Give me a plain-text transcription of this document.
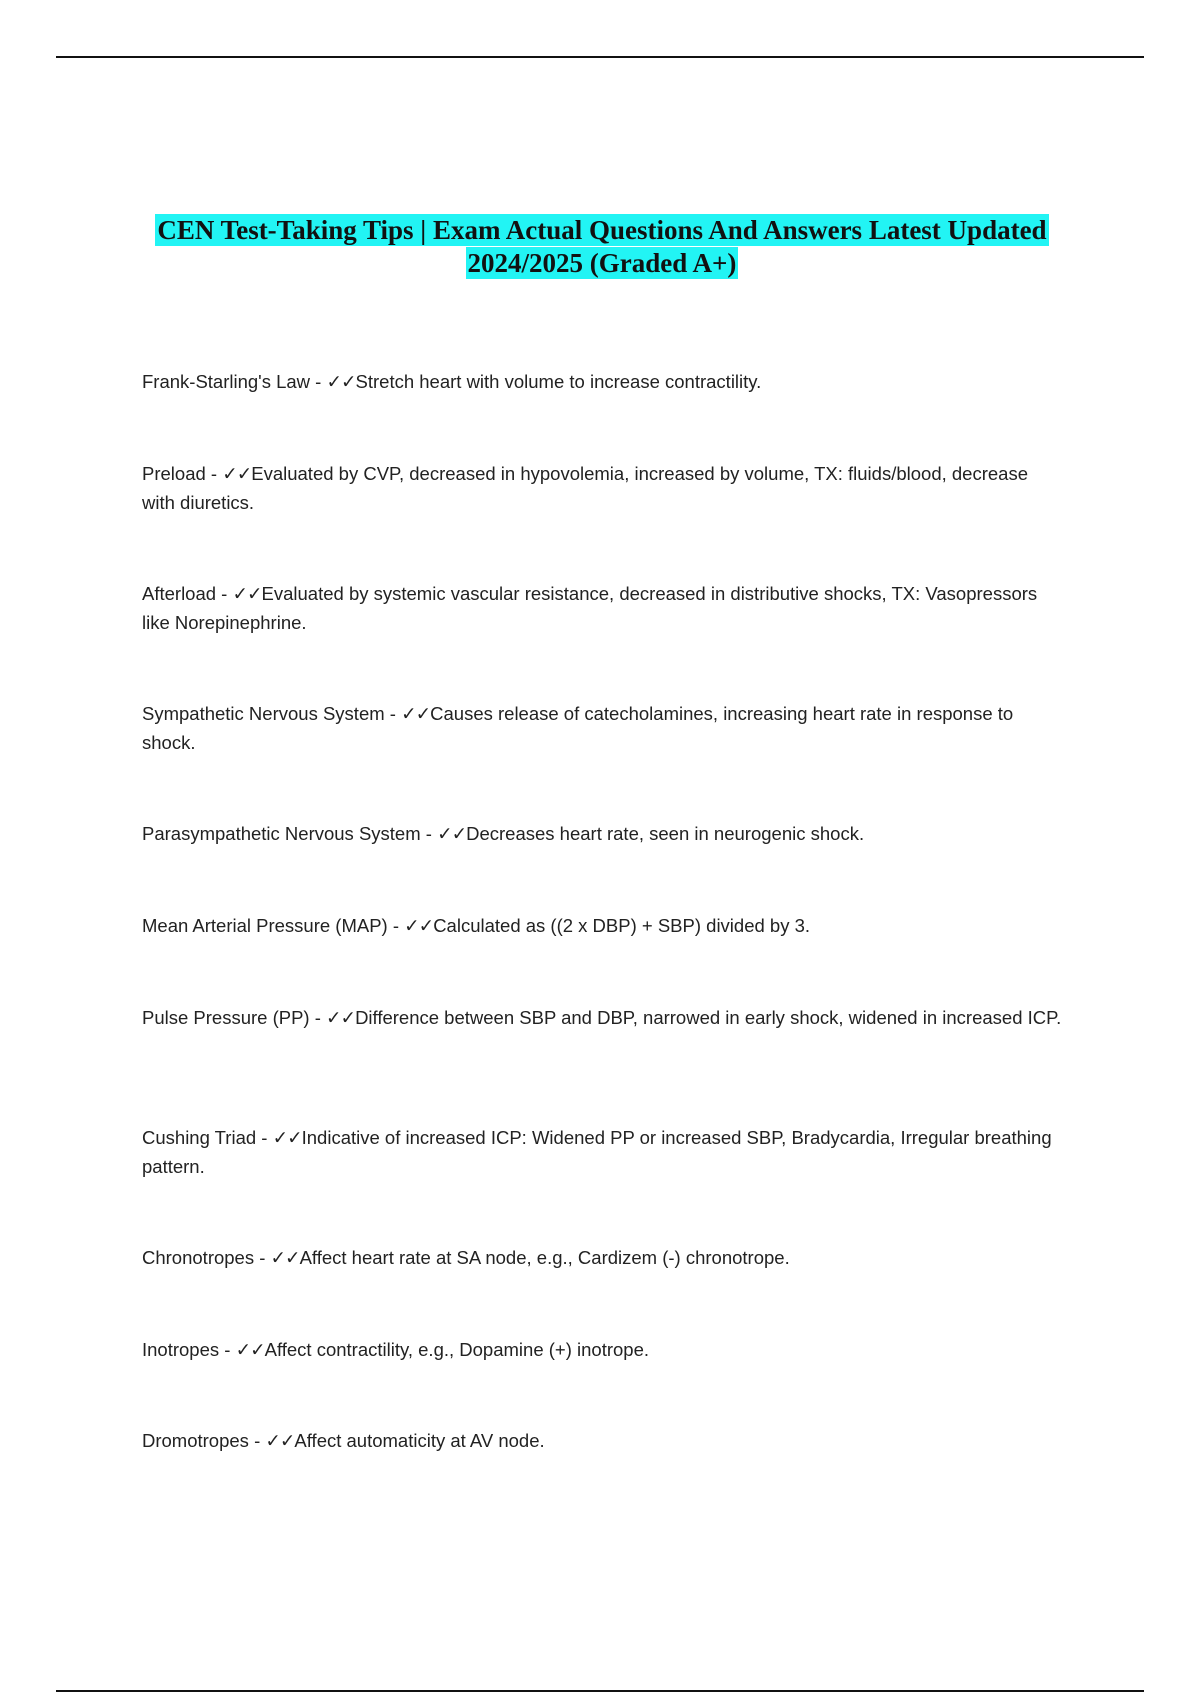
CEN Test-Taking Tips | Exam Actual Questions And Answers Latest Updated
2024/2025 (Graded A+)
Frank-Starling's Law - ✓✓Stretch heart with volume to increase contractility.
Preload - ✓✓Evaluated by CVP, decreased in hypovolemia, increased by volume, TX: fluids/blood, decrease with diuretics.
Afterload - ✓✓Evaluated by systemic vascular resistance, decreased in distributive shocks, TX: Vasopressors like Norepinephrine.
Sympathetic Nervous System - ✓✓Causes release of catecholamines, increasing heart rate in response to shock.
Parasympathetic Nervous System - ✓✓Decreases heart rate, seen in neurogenic shock.
Mean Arterial Pressure (MAP) - ✓✓Calculated as ((2 x DBP) + SBP) divided by 3.
Pulse Pressure (PP) - ✓✓Difference between SBP and DBP, narrowed in early shock, widened in increased ICP.
Cushing Triad - ✓✓Indicative of increased ICP: Widened PP or increased SBP, Bradycardia, Irregular breathing pattern.
Chronotropes - ✓✓Affect heart rate at SA node, e.g., Cardizem (-) chronotrope.
Inotropes - ✓✓Affect contractility, e.g., Dopamine (+) inotrope.
Dromotropes - ✓✓Affect automaticity at AV node.
